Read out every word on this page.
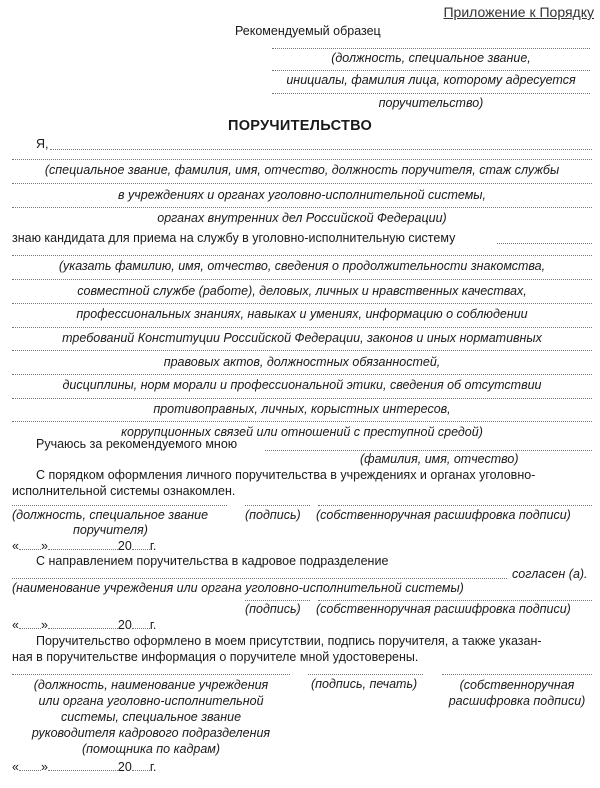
Приложение к Порядку
Рекомендуемый образец
(должность, специальное звание,
инициалы, фамилия лица, которому адресуется
поручительство)
ПОРУЧИТЕЛЬСТВО
Я,
(специальное звание, фамилия, имя, отчество, должность поручителя, стаж службы
в учреждениях и органах уголовно-исполнительной системы,
органах внутренних дел Российской Федерации)
знаю кандидата для приема на службу в уголовно-исполнительную систему
(указать фамилию, имя, отчество, сведения о продолжительности знакомства,
совместной службе (работе), деловых, личных и нравственных качествах,
профессиональных знаниях, навыках и умениях, информацию о соблюдении
требований Конституции Российской Федерации, законов и иных нормативных
правовых актов, должностных обязанностей,
дисциплины, норм морали и профессиональной этики, сведения об отсутствии
противоправных, личных, корыстных интересов,
коррупционных связей или отношений с преступной средой)
Ручаюсь за рекомендуемого мною
(фамилия, имя, отчество)
С порядком оформления личного поручительства в учреждениях и органах уголовно-
исполнительной системы ознакомлен.
(должность, специальное звание
поручителя)
(подпись) (собственноручная расшифровка подписи)
« »	20 г.
С направлением поручительства в кадровое подразделение
согласен (а).
(наименование учреждения или органа уголовно-исполнительной системы)
(подпись) (собственноручная расшифровка подписи)
« »	20 г.
Поручительство оформлено в моем присутствии, подпись поручителя, а также указан-
ная в поручительстве информация о поручителе мной удостоверены.
(должность, наименование учреждения
или органа уголовно-исполнительной
системы, специальное звание
руководителя кадрового подразделения
(помощника по кадрам)
(подпись, печать)	(собственноручная
расшифровка подписи)
« »	20 г.
